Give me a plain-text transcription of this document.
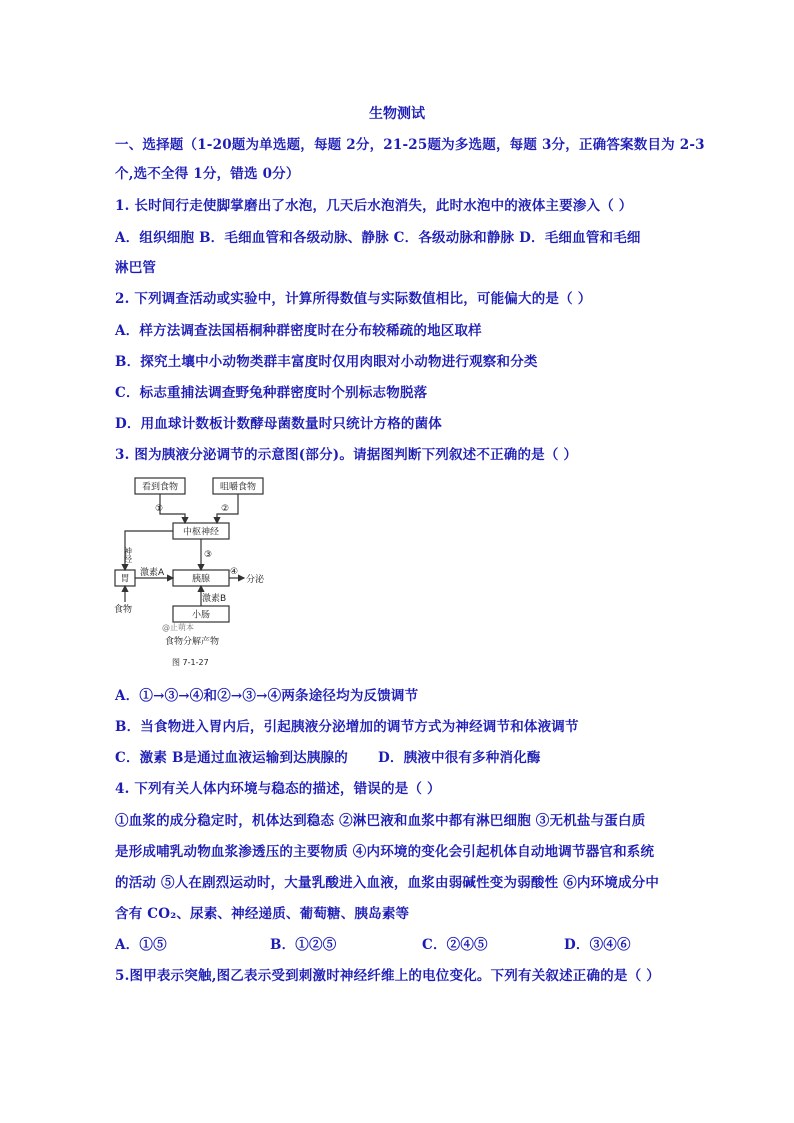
生物测试
一、选择题（1-20题为单选题，每题 2分，21-25题为多选题，每题 3分，正确答案数目为 2-3
个,选不全得 1分，错选 0分）
1. 长时间行走使脚掌磨出了水泡，几天后水泡消失，此时水泡中的液体主要渗入（ ）
A．组织细胞 B．毛细血管和各级动脉、静脉 C．各级动脉和静脉 D．毛细血管和毛细
淋巴管
2. 下列调查活动或实验中，计算所得数值与实际数值相比，可能偏大的是（ ）
A．样方法调查法国梧桐种群密度时在分布较稀疏的地区取样
B．探究土壤中小动物类群丰富度时仅用肉眼对小动物进行观察和分类
C．标志重捕法调查野兔种群密度时个别标志物脱落
D．用血球计数板计数酵母菌数量时只统计方格的菌体
3. 图为胰液分泌调节的示意图(部分)。请据图判断下列叙述不正确的是（ ）
看到食物	咀嚼食物
中枢神经
胃	胰腺
小肠
激素A
激素B
分泌
食物
神经
①	②
③
④
@止萌本
食物分解产物
图 7-1-27
A．①→③→④和②→③→④两条途径均为反馈调节
B．当食物进入胃内后，引起胰液分泌增加的调节方式为神经调节和体液调节
C．激素 B是通过血液运输到达胰腺的 D．胰液中很有多种消化酶
4. 下列有关人体内环境与稳态的描述，错误的是（ ）
①血浆的成分稳定时，机体达到稳态 ②淋巴液和血浆中都有淋巴细胞 ③无机盐与蛋白质
是形成哺乳动物血浆渗透压的主要物质 ④内环境的变化会引起机体自动地调节器官和系统
的活动 ⑤人在剧烈运动时，大量乳酸进入血液，血浆由弱碱性变为弱酸性 ⑥内环境成分中
含有 CO₂、尿素、神经递质、葡萄糖、胰岛素等
A．①⑤	B．①②⑤	C．②④⑤	D．③④⑥
5.图甲表示突触,图乙表示受到刺激时神经纤维上的电位变化。下列有关叙述正确的是（ ）
